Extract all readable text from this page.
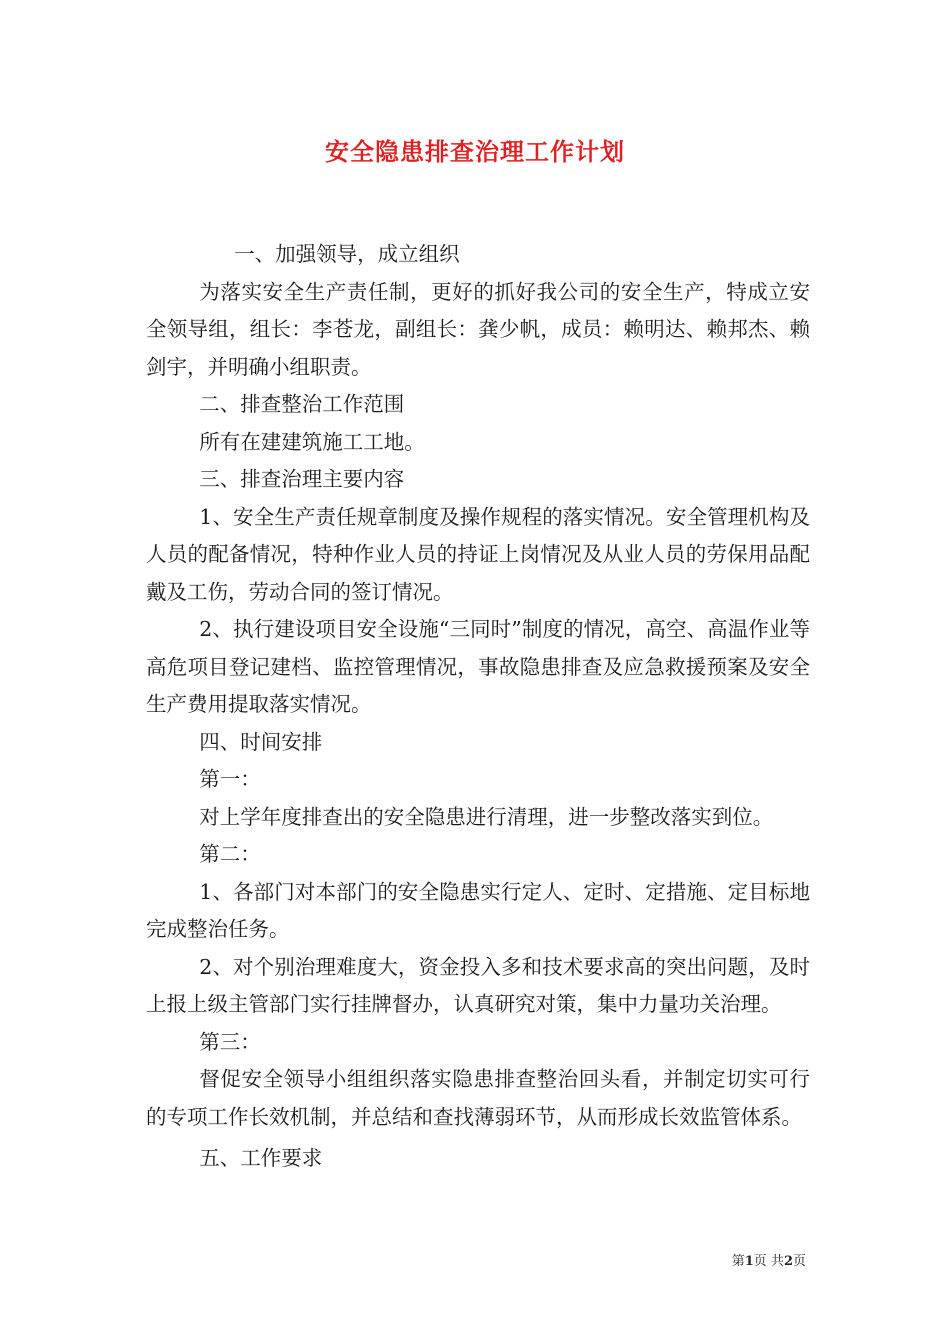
安全隐患排查治理工作计划

一、加强领导，成立组织

为落实安全生产责任制，更好的抓好我公司的安全生产，特成立安全领导组，组长：李苍龙，副组长：龚少帆，成员：赖明达、赖邦杰、赖剑宇，并明确小组职责。

二、排查整治工作范围

所有在建建筑施工工地。

三、排查治理主要内容

1、安全生产责任规章制度及操作规程的落实情况。安全管理机构及人员的配备情况，特种作业人员的持证上岗情况及从业人员的劳保用品配戴及工伤，劳动合同的签订情况。

2、执行建设项目安全设施“三同时”制度的情况，高空、高温作业等高危项目登记建档、监控管理情况，事故隐患排查及应急救援预案及安全生产费用提取落实情况。

四、时间安排

第一：

对上学年度排查出的安全隐患进行清理，进一步整改落实到位。

第二：

1、各部门对本部门的安全隐患实行定人、定时、定措施、定目标地完成整治任务。

2、对个别治理难度大，资金投入多和技术要求高的突出问题，及时上报上级主管部门实行挂牌督办，认真研究对策，集中力量功关治理。

第三：

督促安全领导小组组织落实隐患排查整治回头看，并制定切实可行的专项工作长效机制，并总结和查找薄弱环节，从而形成长效监管体系。

五、工作要求

第1页 共2页
